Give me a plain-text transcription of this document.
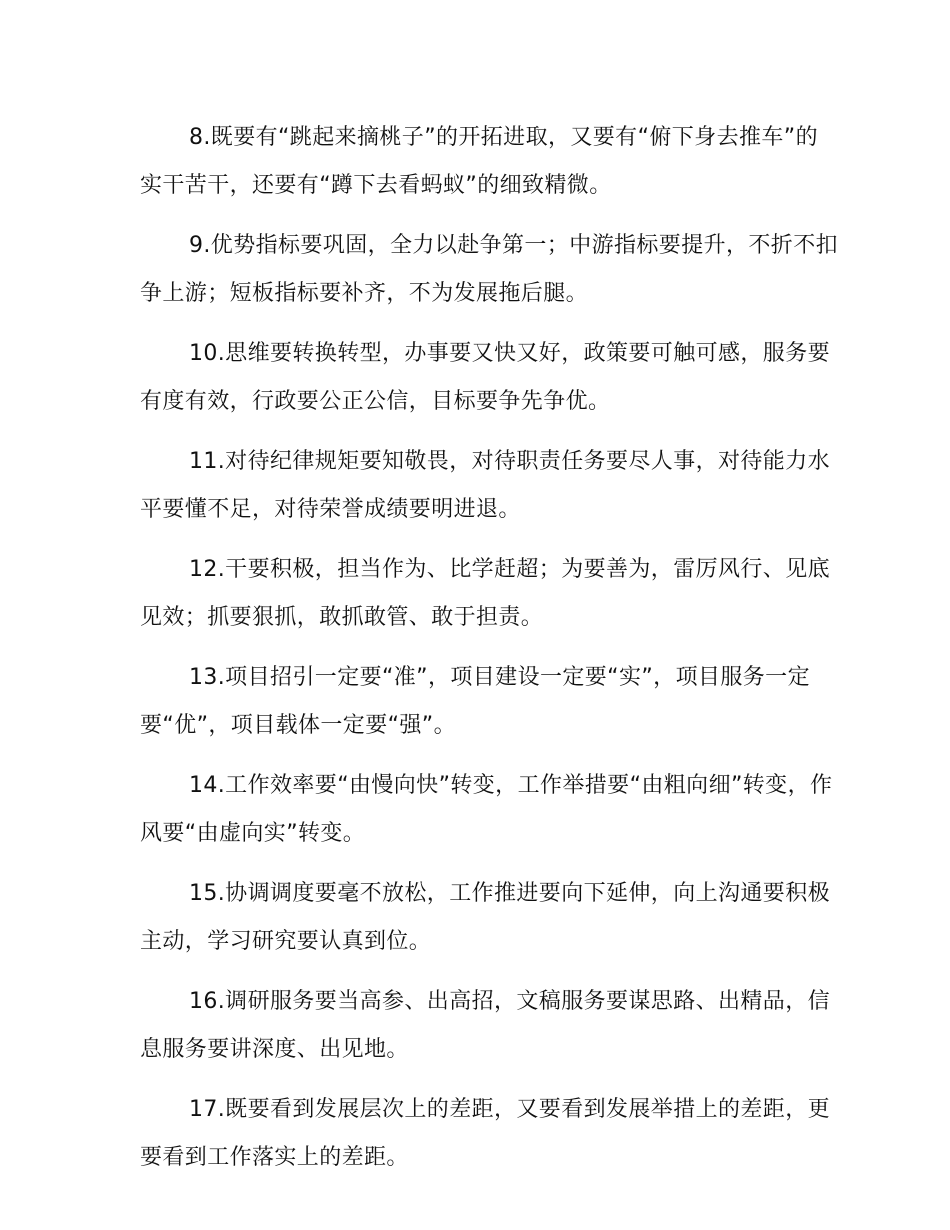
8.既要有“跳起来摘桃子”的开拓进取，又要有“俯下身去推车”的实干苦干，还要有“蹲下去看蚂蚁”的细致精微。

9.优势指标要巩固，全力以赴争第一；中游指标要提升，不折不扣争上游；短板指标要补齐，不为发展拖后腿。

10.思维要转换转型，办事要又快又好，政策要可触可感，服务要有度有效，行政要公正公信，目标要争先争优。

11.对待纪律规矩要知敬畏，对待职责任务要尽人事，对待能力水平要懂不足，对待荣誉成绩要明进退。

12.干要积极，担当作为、比学赶超；为要善为，雷厉风行、见底见效；抓要狠抓，敢抓敢管、敢于担责。

13.项目招引一定要“准”，项目建设一定要“实”，项目服务一定要“优”，项目载体一定要“强”。

14.工作效率要“由慢向快”转变，工作举措要“由粗向细”转变，作风要“由虚向实”转变。

15.协调调度要毫不放松，工作推进要向下延伸，向上沟通要积极主动，学习研究要认真到位。

16.调研服务要当高参、出高招，文稿服务要谋思路、出精品，信息服务要讲深度、出见地。

17.既要看到发展层次上的差距，又要看到发展举措上的差距，更要看到工作落实上的差距。
